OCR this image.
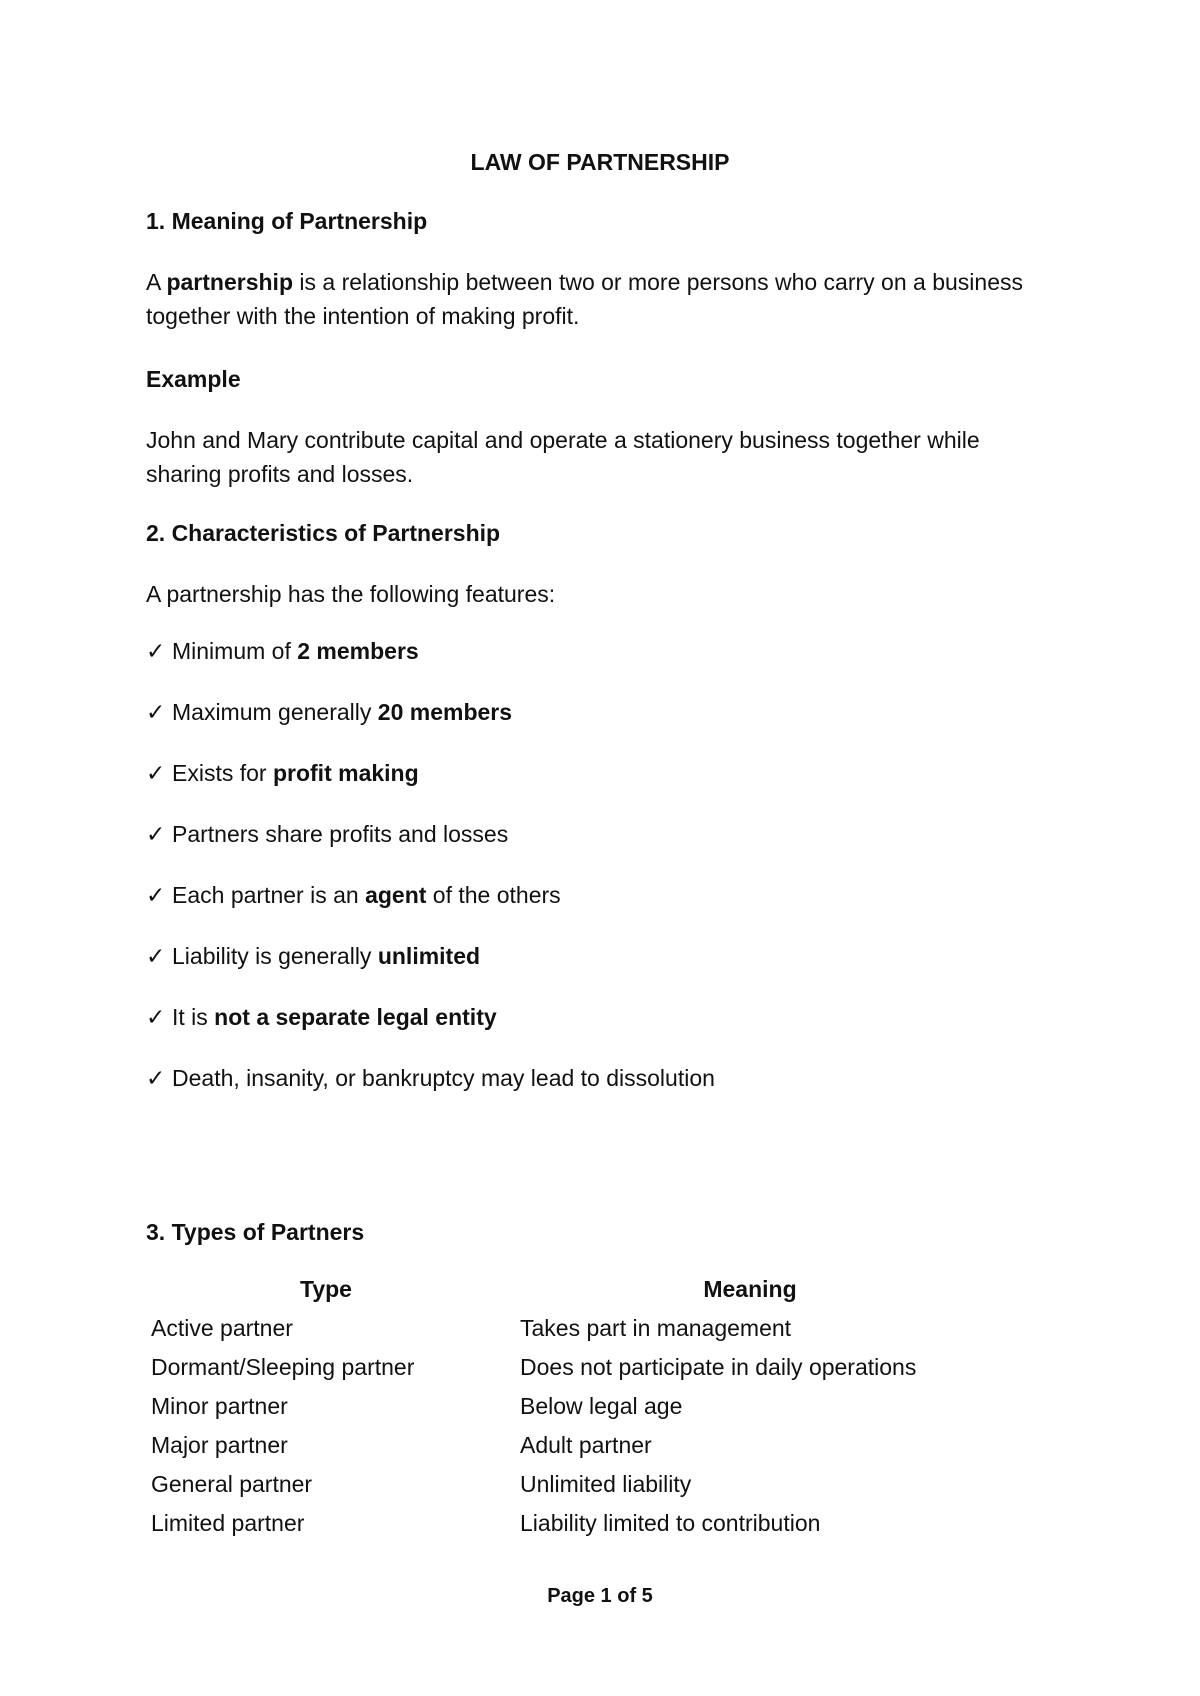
LAW OF PARTNERSHIP
1. Meaning of Partnership
A partnership is a relationship between two or more persons who carry on a business together with the intention of making profit.
Example
John and Mary contribute capital and operate a stationery business together while sharing profits and losses.
2. Characteristics of Partnership
A partnership has the following features:
✓ Minimum of 2 members
✓ Maximum generally 20 members
✓ Exists for profit making
✓ Partners share profits and losses
✓ Each partner is an agent of the others
✓ Liability is generally unlimited
✓ It is not a separate legal entity
✓ Death, insanity, or bankruptcy may lead to dissolution
3. Types of Partners
Type	Meaning
Active partner	Takes part in management
Dormant/Sleeping partner	Does not participate in daily operations
Minor partner	Below legal age
Major partner	Adult partner
General partner	Unlimited liability
Limited partner	Liability limited to contribution
Page 1 of 5
